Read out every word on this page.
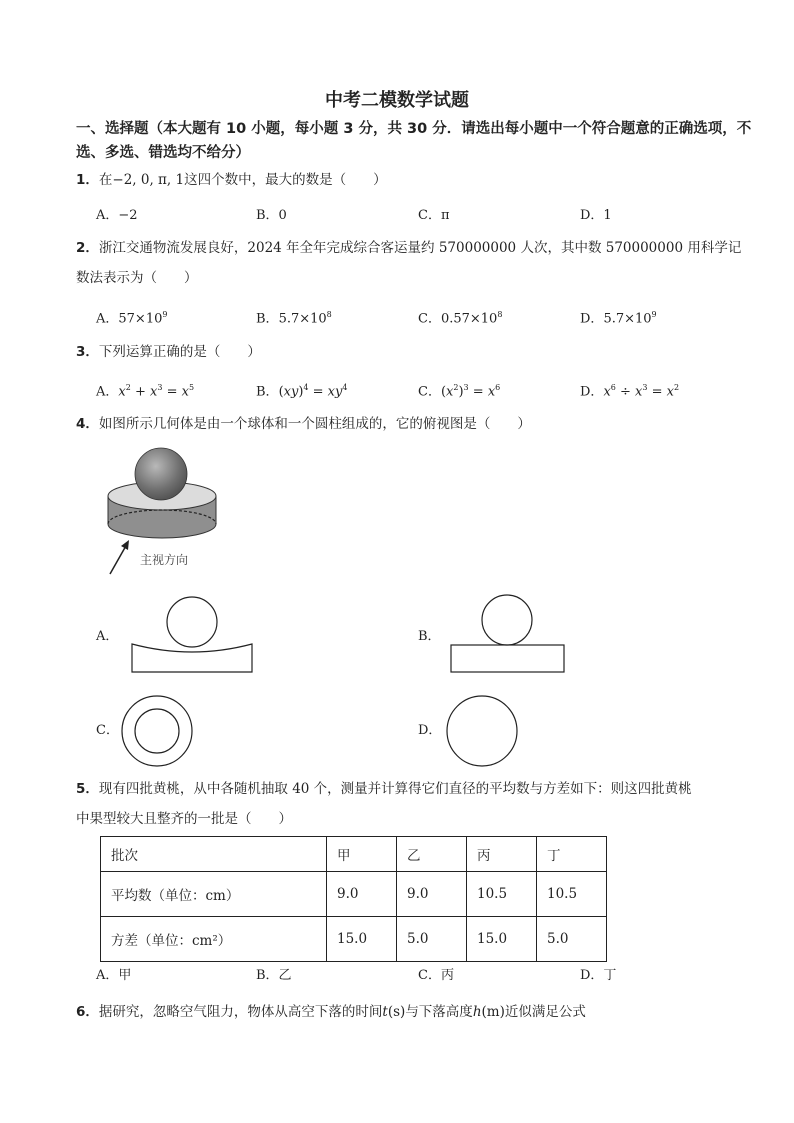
中考二模数学试题
一、选择题（本大题有 10 小题，每小题 3 分，共 30 分．请选出每小题中一个符合题意的正确选项，不选、多选、错选均不给分）
1．在−2, 0, π, 1这四个数中，最大的数是（　　）
A．−2	B．0	C．π	D．1
2．浙江交通物流发展良好，2024 年全年完成综合客运量约 570000000 人次，其中数 570000000 用科学记
数法表示为（　　）
A．$57\times 10^9$	B．$5.7\times 10^8$	C．$0.57\times 10^8$	D．$5.7\times 10^9$
3．下列运算正确的是（　　）
A．$x^2 + x^3 = x^5$	B．$(xy)^4 = xy^4$	C．$(x^2)^3 = x^6$	D．$x^6 \div x^3 = x^2$
4．如图所示几何体是由一个球体和一个圆柱组成的，它的俯视图是（　　）
主视方向
A．	B．
C．	D．
5．现有四批黄桃，从中各随机抽取 40 个，测量并计算得它们直径的平均数与方差如下：则这四批黄桃
中果型较大且整齐的一批是（　　）
批次	甲	乙	丙	丁
平均数（单位：cm）	9.0	9.0	10.5	10.5
方差（单位：cm²）	15.0	5.0	15.0	5.0
A．甲	B．乙	C．丙	D．丁
6．据研究，忽略空气阻力，物体从高空下落的时间t(s)与下落高度h(m)近似满足公式
